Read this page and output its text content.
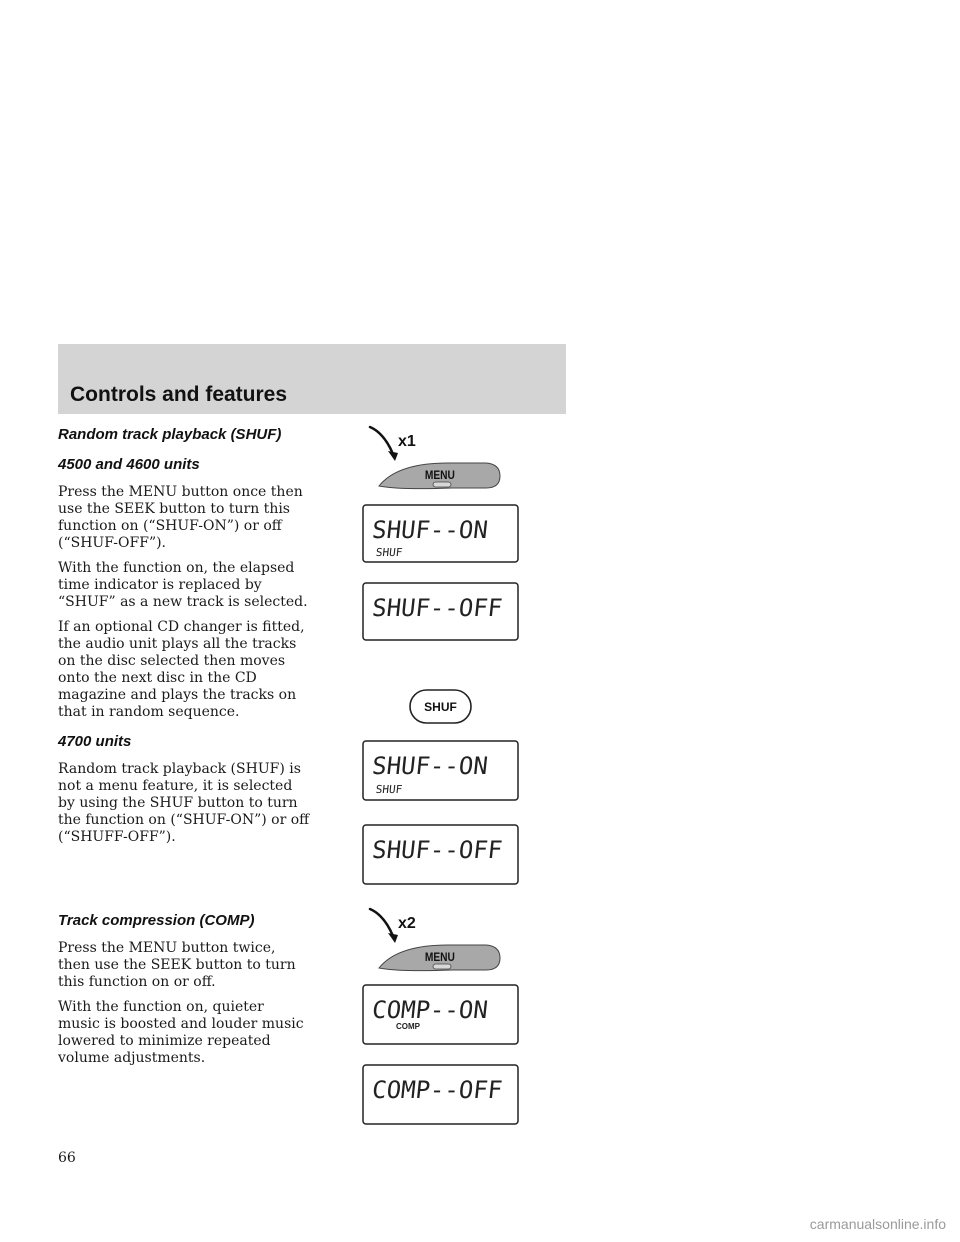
Controls and features
Random track playback (SHUF)
4500 and 4600 units

Press the MENU button once then use the SEEK button to turn this function on (“SHUF-ON”) or off (“SHUF-OFF”).

With the function on, the elapsed time indicator is replaced by “SHUF” as a new track is selected.

If an optional CD changer is fitted, the audio unit plays all the tracks on the disc selected then moves onto the next disc in the CD magazine and plays the tracks on that in random sequence.

4700 units

Random track playback (SHUF) is not a menu feature, it is selected by using the SHUF button to turn the function on (“SHUF-ON”) or off (“SHUFF-OFF”).

Track compression (COMP)

Press the MENU button twice, then use the SEEK button to turn this function on or off.

With the function on, quieter music is boosted and louder music lowered to minimize repeated volume adjustments.

x1
MENU
SHUF--ON
SHUF
SHUF--OFF
SHUF
SHUF--ON
SHUF
SHUF--OFF
x2
MENU
COMP--ON
COMP
COMP--OFF
66
carmanualsonline.info
